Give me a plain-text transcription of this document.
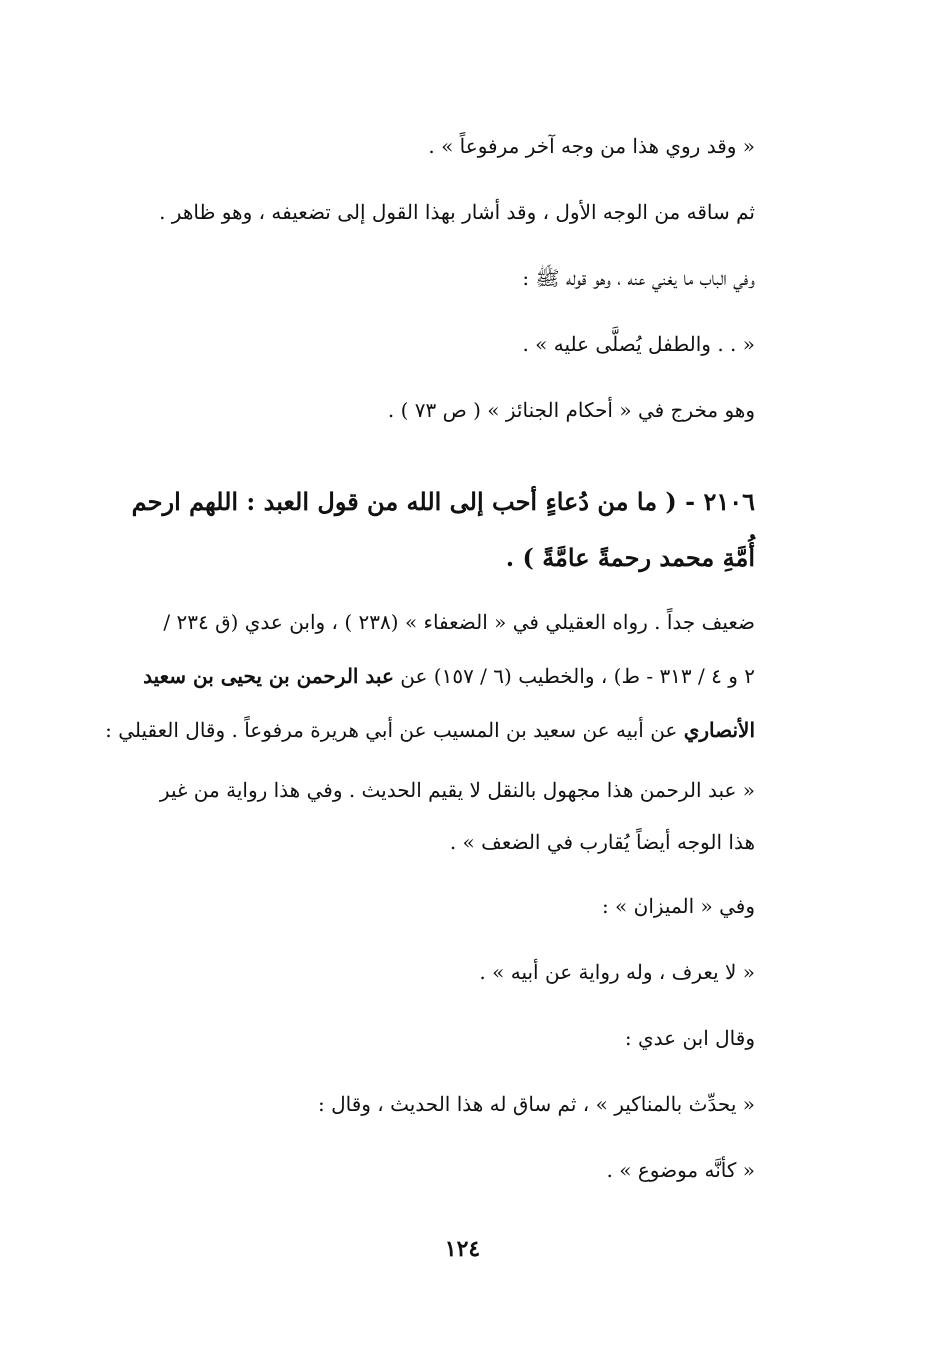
« وقد روي هذا من وجه آخر مرفوعاً » .
ثم ساقه من الوجه الأول ، وقد أشار بهذا القول إلى تضعيفه ، وهو ظاهر .
وفي الباب ما يغني عنه ، وهو قوله ﷺ :
« . . والطفل يُصلَّى عليه » .
وهو مخرج في « أحكام الجنائز » ( ص ٧٣ ) .
٢١٠٦ - ( ما من دُعاءٍ أحب إلى الله من قول العبد : اللهم ارحم
أُمَّةِ محمد رحمةً عامَّةً ) .
ضعيف جداً . رواه العقيلي في « الضعفاء » (٢٣٨ ) ، وابن عدي (ق ٢٣٤ /
٢ و ٤ / ٣١٣ - ط) ، والخطيب (٦ / ١٥٧) عن عبد الرحمن بن يحيى بن سعيد
الأنصاري عن أبيه عن سعيد بن المسيب عن أبي هريرة مرفوعاً . وقال العقيلي :
« عبد الرحمن هذا مجهول بالنقل لا يقيم الحديث . وفي هذا رواية من غير
هذا الوجه أيضاً يُقارب في الضعف » .
وفي « الميزان » :
« لا يعرف ، وله رواية عن أبيه » .
وقال ابن عدي :
« يحدِّث بالمناكير » ، ثم ساق له هذا الحديث ، وقال :
« كأنَّه موضوع » .
١٢٤
